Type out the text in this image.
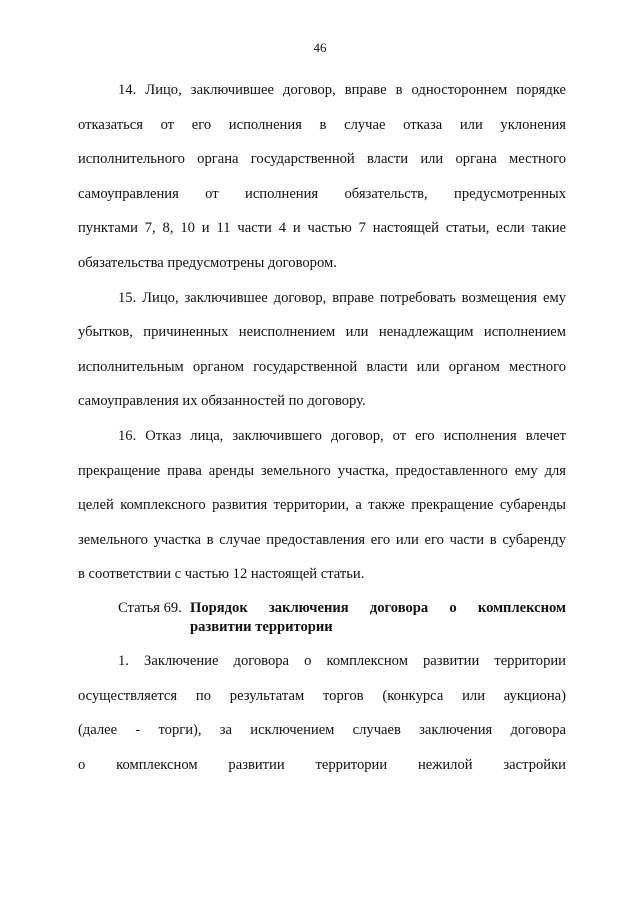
46
14. Лицо, заключившее договор, вправе в одностороннем порядке
отказаться от его исполнения в случае отказа или уклонения
исполнительного органа государственной власти или органа местного
самоуправления от исполнения обязательств, предусмотренных
пунктами 7, 8, 10 и 11 части 4 и частью 7 настоящей статьи, если такие
обязательства предусмотрены договором.
15. Лицо, заключившее договор, вправе потребовать возмещения ему
убытков, причиненных неисполнением или ненадлежащим исполнением
исполнительным органом государственной власти или органом местного
самоуправления их обязанностей по договору.
16. Отказ лица, заключившего договор, от его исполнения влечет
прекращение права аренды земельного участка, предоставленного ему для
целей комплексного развития территории, а также прекращение субаренды
земельного участка в случае предоставления его или его части в субаренду
в соответствии с частью 12 настоящей статьи.
Статья 69. Порядок заключения договора о комплексном
развитии территории
1. Заключение договора о комплексном развитии территории
осуществляется по результатам торгов (конкурса или аукциона)
(далее - торги), за исключением случаев заключения договора
о комплексном развитии территории нежилой застройки
